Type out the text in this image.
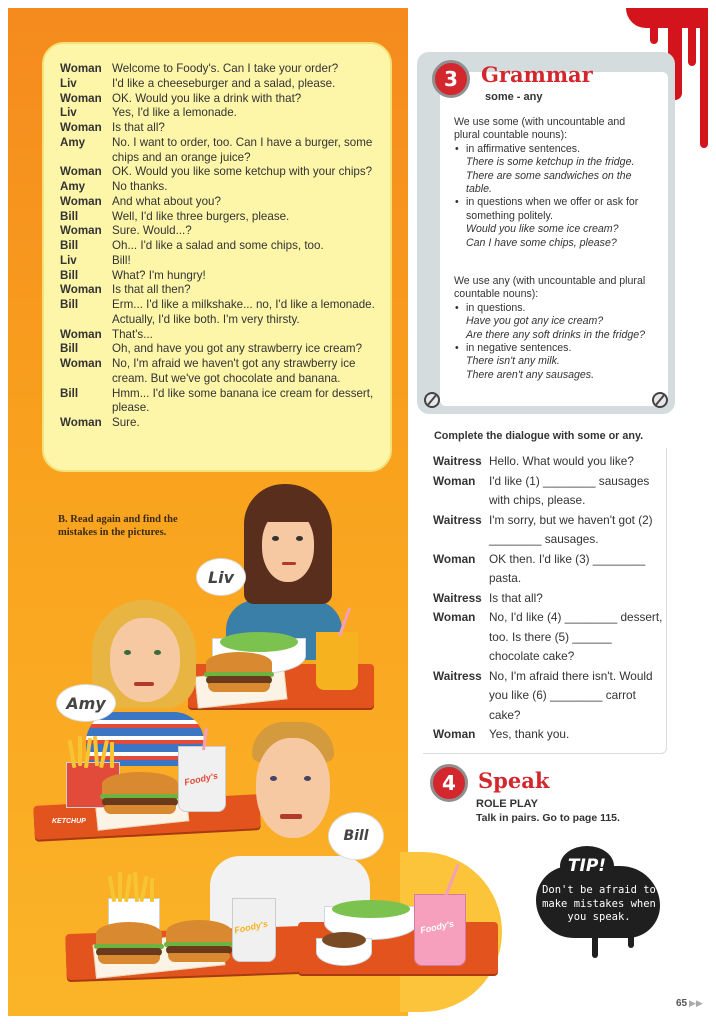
Woman Welcome to Foody's. Can I take your order?
Liv	I'd like a cheeseburger and a salad, please.
Woman OK. Would you like a drink with that?
Liv	Yes, I'd like a lemonade.
Woman Is that all?
Amy	No. I want to order, too. Can I have a burger, some chips and an orange juice?
Woman OK. Would you like some ketchup with your chips?
Amy	No thanks.
Woman And what about you?
Bill	Well, I'd like three burgers, please.
Woman Sure. Would...?
Bill	Oh... I'd like a salad and some chips, too.
Liv	Bill!
Bill	What? I'm hungry!
Woman Is that all then?
Bill	Erm... I'd like a milkshake... no, I'd like a lemonade. Actually, I'd like both. I'm very thirsty.
Woman That's...
Bill	Oh, and have you got any strawberry ice cream?
Woman No, I'm afraid we haven't got any strawberry ice cream. But we've got chocolate and banana.
Bill	Hmm... I'd like some banana ice cream for dessert, please.
Woman Sure.
B. Read again and find the mistakes in the pictures.
Liv
Amy
KETCHUP
Foody's
Bill
Foody's	Foody's
3	Grammar
some - any

We use some (with uncountable and plural countable nouns):

• in affirmative sentences.

There is some ketchup in the fridge.

There are some sandwiches on the table.

• in questions when we offer or ask for something politely.

Would you like some ice cream?

Can I have some chips, please?

We use any (with uncountable and plural countable nouns):

• in questions.

Have you got any ice cream?

Are there any soft drinks in the fridge?

• in negative sentences.

There isn't any milk.

There aren't any sausages.

Complete the dialogue with some or any.
Waitress Hello. What would you like?
Woman	I'd like (1) ________ sausages with chips, please.
Waitress I'm sorry, but we haven't got (2) ________ sausages.
Woman	OK then. I'd like (3) ________ pasta.
Waitress Is that all?
Woman	No, I'd like (4) ________ dessert, too. Is there (5) ______ chocolate cake?
Waitress No, I'm afraid there isn't. Would you like (6) ________ carrot cake?
Woman	Yes, thank you.
4	Speak
ROLE PLAY
Talk in pairs. Go to page 115.
TIP!
Don't be afraid to make mistakes when you speak.
65 ▶▶
